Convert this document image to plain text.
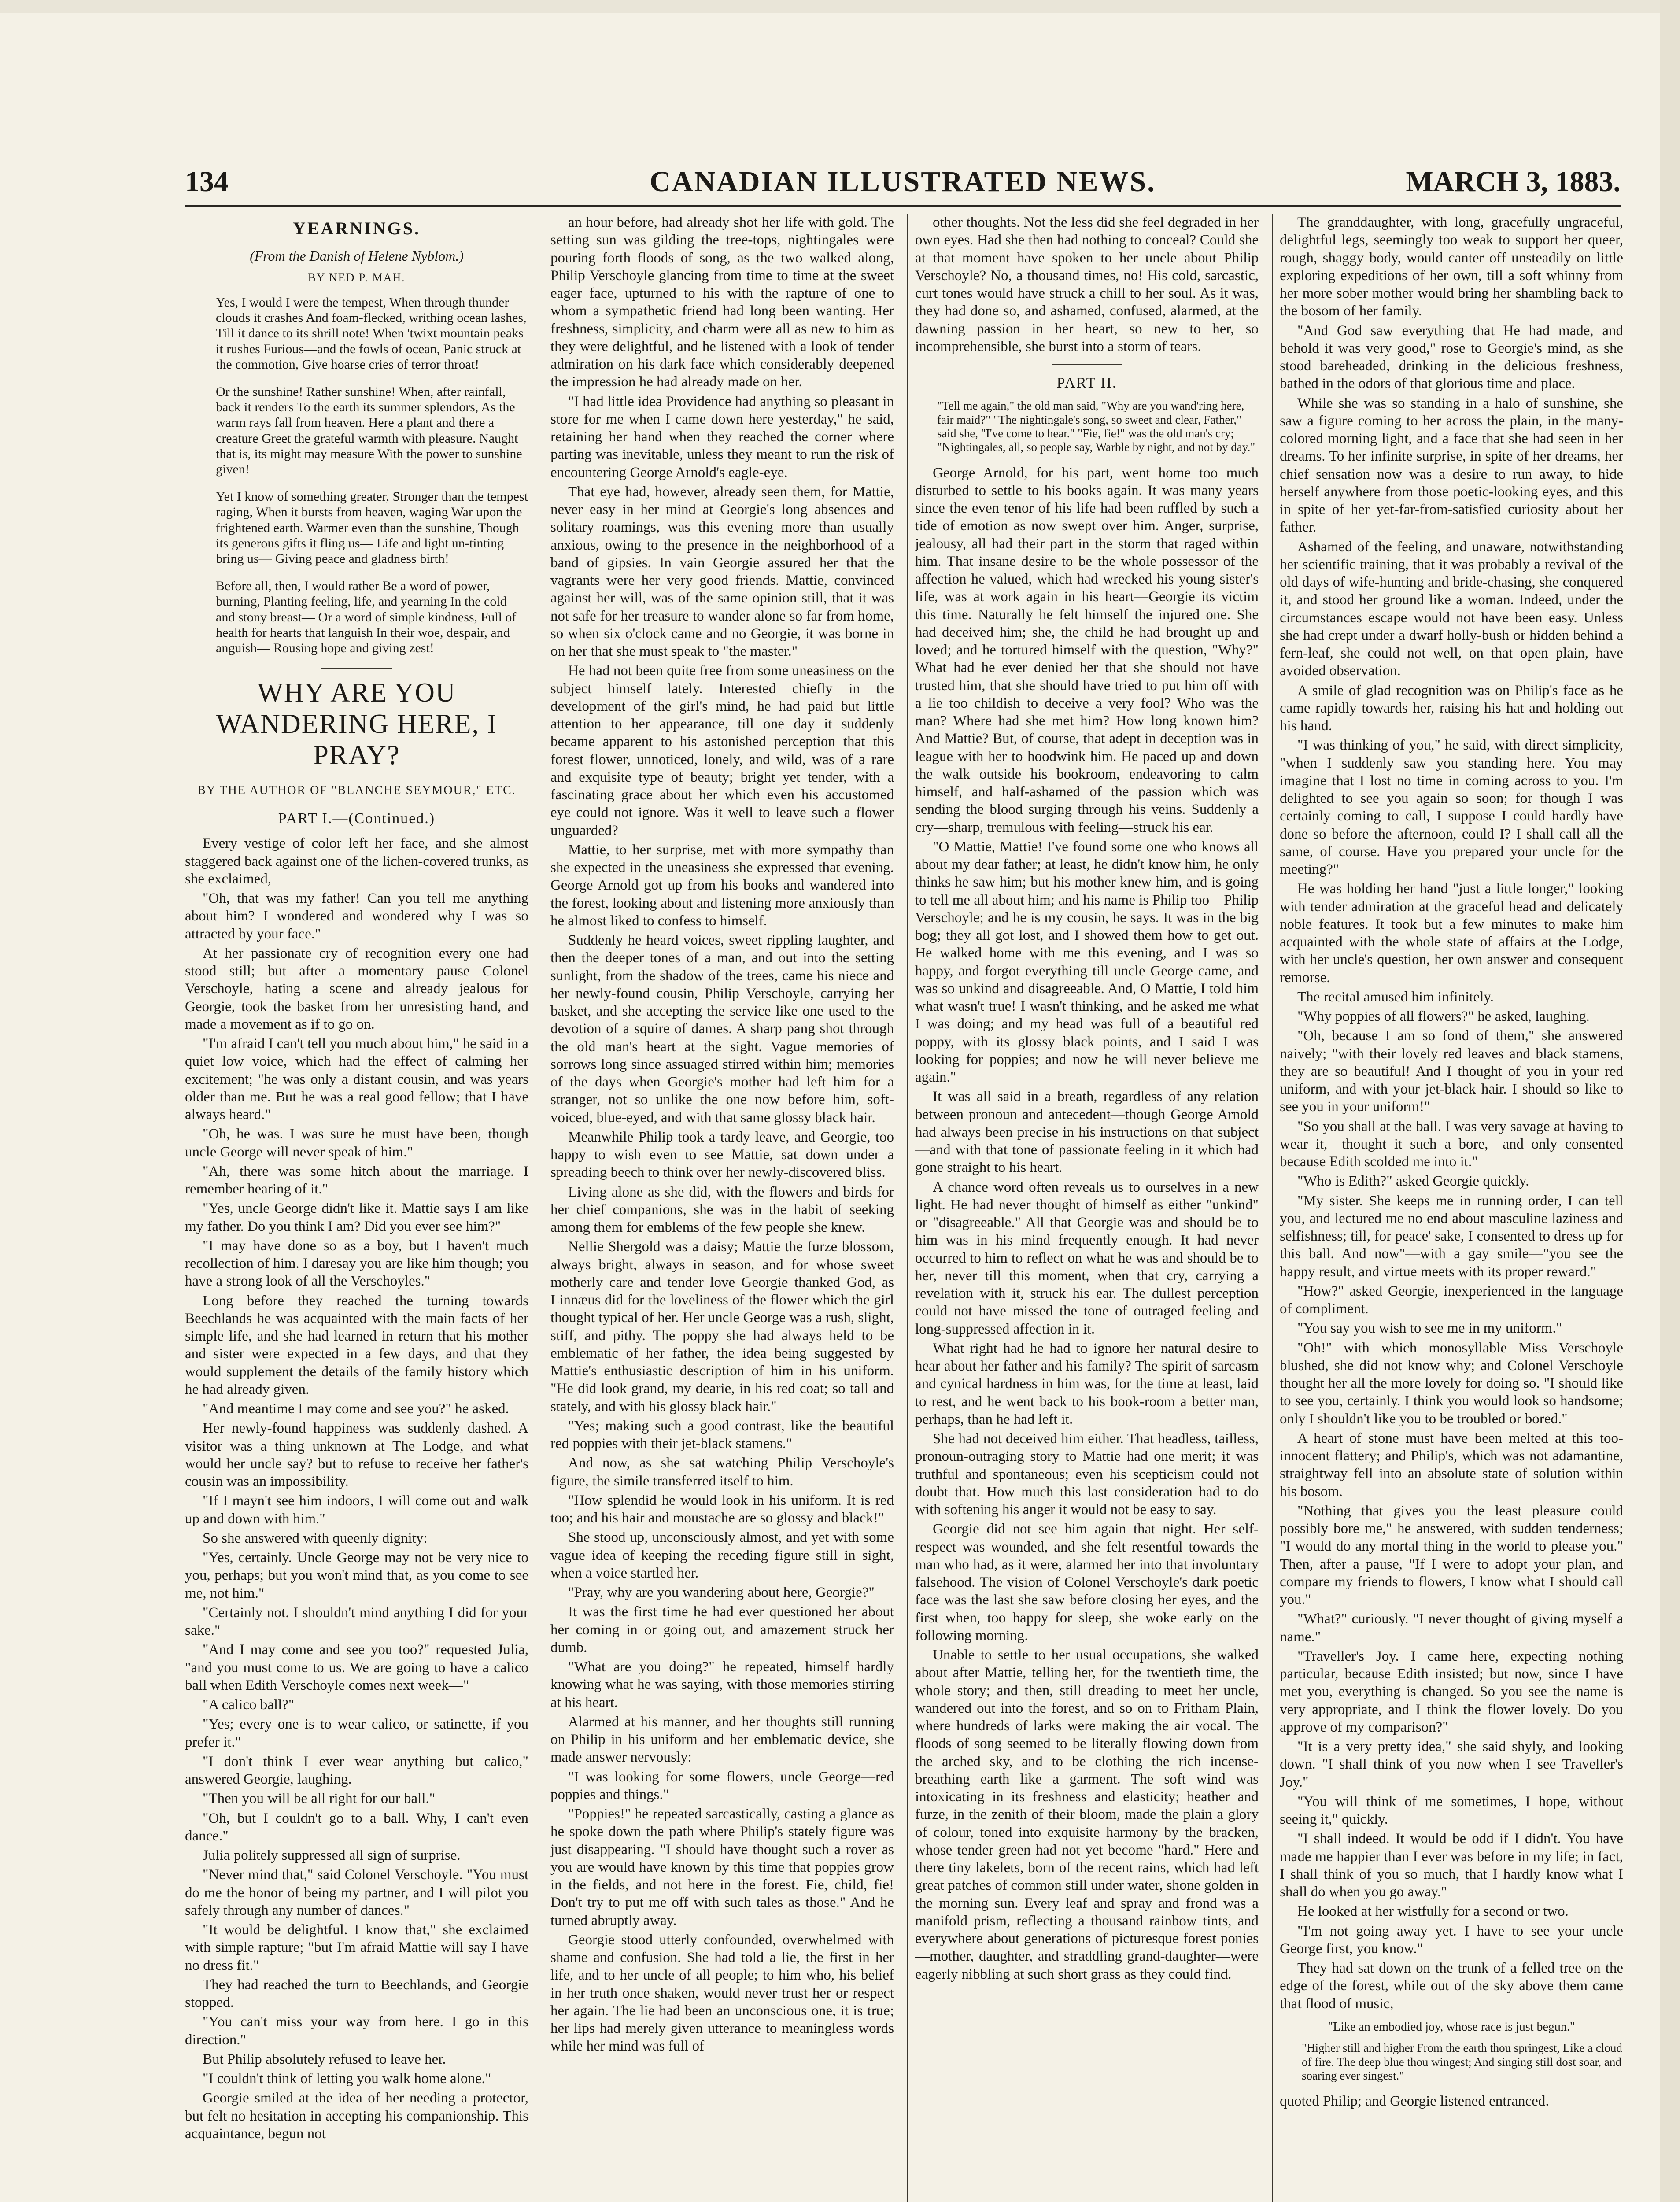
134	CANADIAN ILLUSTRATED NEWS.	MARCH 3, 1883.
YEARNINGS.
(From the Danish of Helene Nyblom.)
BY NED P. MAH.
Yes, I would I were the tempest, When through thunder clouds it crashes And foam-flecked, writhing ocean lashes, Till it dance to its shrill note! When 'twixt mountain peaks it rushes Furious—and the fowls of ocean, Panic struck at the commotion, Give hoarse cries of terror throat!
Or the sunshine! Rather sunshine! When, after rainfall, back it renders To the earth its summer splendors, As the warm rays fall from heaven. Here a plant and there a creature Greet the grateful warmth with pleasure. Naught that is, its might may measure With the power to sunshine given!
Yet I know of something greater, Stronger than the tempest raging, When it bursts from heaven, waging War upon the frightened earth. Warmer even than the sunshine, Though its generous gifts it fling us— Life and light un-tinting bring us— Giving peace and gladness birth!
Before all, then, I would rather Be a word of power, burning, Planting feeling, life, and yearning In the cold and stony breast— Or a word of simple kindness, Full of health for hearts that languish In their woe, despair, and anguish— Rousing hope and giving zest!
WHY ARE YOU WANDERING HERE, I PRAY?
BY THE AUTHOR OF "BLANCHE SEYMOUR," ETC.
PART I.—(Continued.)

Every vestige of color left her face, and she almost staggered back against one of the lichen-covered trunks, as she exclaimed,

"Oh, that was my father! Can you tell me anything about him? I wondered and wondered why I was so attracted by your face."

At her passionate cry of recognition every one had stood still; but after a momentary pause Colonel Verschoyle, hating a scene and already jealous for Georgie, took the basket from her unresisting hand, and made a movement as if to go on.

"I'm afraid I can't tell you much about him," he said in a quiet low voice, which had the effect of calming her excitement; "he was only a distant cousin, and was years older than me. But he was a real good fellow; that I have always heard."

"Oh, he was. I was sure he must have been, though uncle George will never speak of him."

"Ah, there was some hitch about the marriage. I remember hearing of it."

"Yes, uncle George didn't like it. Mattie says I am like my father. Do you think I am? Did you ever see him?"

"I may have done so as a boy, but I haven't much recollection of him. I daresay you are like him though; you have a strong look of all the Verschoyles."

Long before they reached the turning towards Beechlands he was acquainted with the main facts of her simple life, and she had learned in return that his mother and sister were expected in a few days, and that they would supplement the details of the family history which he had already given.

"And meantime I may come and see you?" he asked.

Her newly-found happiness was suddenly dashed. A visitor was a thing unknown at The Lodge, and what would her uncle say? but to refuse to receive her father's cousin was an impossibility.

"If I mayn't see him indoors, I will come out and walk up and down with him."

So she answered with queenly dignity:

"Yes, certainly. Uncle George may not be very nice to you, perhaps; but you won't mind that, as you come to see me, not him."

"Certainly not. I shouldn't mind anything I did for your sake."

"And I may come and see you too?" requested Julia, "and you must come to us. We are going to have a calico ball when Edith Verschoyle comes next week—"

"A calico ball?"

"Yes; every one is to wear calico, or satinette, if you prefer it."

"I don't think I ever wear anything but calico," answered Georgie, laughing.

"Then you will be all right for our ball."

"Oh, but I couldn't go to a ball. Why, I can't even dance."

Julia politely suppressed all sign of surprise.

"Never mind that," said Colonel Verschoyle. "You must do me the honor of being my partner, and I will pilot you safely through any number of dances."

"It would be delightful. I know that," she exclaimed with simple rapture; "but I'm afraid Mattie will say I have no dress fit."

They had reached the turn to Beechlands, and Georgie stopped.

"You can't miss your way from here. I go in this direction."

But Philip absolutely refused to leave her.

"I couldn't think of letting you walk home alone."

Georgie smiled at the idea of her needing a protector, but felt no hesitation in accepting his companionship. This acquaintance, begun not

an hour before, had already shot her life with gold. The setting sun was gilding the tree-tops, nightingales were pouring forth floods of song, as the two walked along, Philip Verschoyle glancing from time to time at the sweet eager face, upturned to his with the rapture of one to whom a sympathetic friend had long been wanting. Her freshness, simplicity, and charm were all as new to him as they were delightful, and he listened with a look of tender admiration on his dark face which considerably deepened the impression he had already made on her.

"I had little idea Providence had anything so pleasant in store for me when I came down here yesterday," he said, retaining her hand when they reached the corner where parting was inevitable, unless they meant to run the risk of encountering George Arnold's eagle-eye.

That eye had, however, already seen them, for Mattie, never easy in her mind at Georgie's long absences and solitary roamings, was this evening more than usually anxious, owing to the presence in the neighborhood of a band of gipsies. In vain Georgie assured her that the vagrants were her very good friends. Mattie, convinced against her will, was of the same opinion still, that it was not safe for her treasure to wander alone so far from home, so when six o'clock came and no Georgie, it was borne in on her that she must speak to "the master."

He had not been quite free from some uneasiness on the subject himself lately. Interested chiefly in the development of the girl's mind, he had paid but little attention to her appearance, till one day it suddenly became apparent to his astonished perception that this forest flower, unnoticed, lonely, and wild, was of a rare and exquisite type of beauty; bright yet tender, with a fascinating grace about her which even his accustomed eye could not ignore. Was it well to leave such a flower unguarded?

Mattie, to her surprise, met with more sympathy than she expected in the uneasiness she expressed that evening. George Arnold got up from his books and wandered into the forest, looking about and listening more anxiously than he almost liked to confess to himself.

Suddenly he heard voices, sweet rippling laughter, and then the deeper tones of a man, and out into the setting sunlight, from the shadow of the trees, came his niece and her newly-found cousin, Philip Verschoyle, carrying her basket, and she accepting the service like one used to the devotion of a squire of dames. A sharp pang shot through the old man's heart at the sight. Vague memories of sorrows long since assuaged stirred within him; memories of the days when Georgie's mother had left him for a stranger, not so unlike the one now before him, soft-voiced, blue-eyed, and with that same glossy black hair.

Meanwhile Philip took a tardy leave, and Georgie, too happy to wish even to see Mattie, sat down under a spreading beech to think over her newly-discovered bliss.

Living alone as she did, with the flowers and birds for her chief companions, she was in the habit of seeking among them for emblems of the few people she knew.

Nellie Shergold was a daisy; Mattie the furze blossom, always bright, always in season, and for whose sweet motherly care and tender love Georgie thanked God, as Linnæus did for the loveliness of the flower which the girl thought typical of her. Her uncle George was a rush, slight, stiff, and pithy. The poppy she had always held to be emblematic of her father, the idea being suggested by Mattie's enthusiastic description of him in his uniform. "He did look grand, my dearie, in his red coat; so tall and stately, and with his glossy black hair."

"Yes; making such a good contrast, like the beautiful red poppies with their jet-black stamens."

And now, as she sat watching Philip Verschoyle's figure, the simile transferred itself to him.

"How splendid he would look in his uniform. It is red too; and his hair and moustache are so glossy and black!"

She stood up, unconsciously almost, and yet with some vague idea of keeping the receding figure still in sight, when a voice startled her.

"Pray, why are you wandering about here, Georgie?"

It was the first time he had ever questioned her about her coming in or going out, and amazement struck her dumb.

"What are you doing?" he repeated, himself hardly knowing what he was saying, with those memories stirring at his heart.

Alarmed at his manner, and her thoughts still running on Philip in his uniform and her emblematic device, she made answer nervously:

"I was looking for some flowers, uncle George—red poppies and things."

"Poppies!" he repeated sarcastically, casting a glance as he spoke down the path where Philip's stately figure was just disappearing. "I should have thought such a rover as you are would have known by this time that poppies grow in the fields, and not here in the forest. Fie, child, fie! Don't try to put me off with such tales as those." And he turned abruptly away.

Georgie stood utterly confounded, overwhelmed with shame and confusion. She had told a lie, the first in her life, and to her uncle of all people; to him who, his belief in her truth once shaken, would never trust her or respect her again. The lie had been an unconscious one, it is true; her lips had merely given utterance to meaningless words while her mind was full of

other thoughts. Not the less did she feel degraded in her own eyes. Had she then had nothing to conceal? Could she at that moment have spoken to her uncle about Philip Verschoyle? No, a thousand times, no! His cold, sarcastic, curt tones would have struck a chill to her soul. As it was, they had done so, and ashamed, confused, alarmed, at the dawning passion in her heart, so new to her, so incomprehensible, she burst into a storm of tears.

PART II.
"Tell me again," the old man said, "Why are you wand'ring here, fair maid?" "The nightingale's song, so sweet and clear, Father," said she, "I've come to hear." "Fie, fie!" was the old man's cry; "Nightingales, all, so people say, Warble by night, and not by day."

George Arnold, for his part, went home too much disturbed to settle to his books again. It was many years since the even tenor of his life had been ruffled by such a tide of emotion as now swept over him. Anger, surprise, jealousy, all had their part in the storm that raged within him. That insane desire to be the whole possessor of the affection he valued, which had wrecked his young sister's life, was at work again in his heart—Georgie its victim this time. Naturally he felt himself the injured one. She had deceived him; she, the child he had brought up and loved; and he tortured himself with the question, "Why?" What had he ever denied her that she should not have trusted him, that she should have tried to put him off with a lie too childish to deceive a very fool? Who was the man? Where had she met him? How long known him? And Mattie? But, of course, that adept in deception was in league with her to hoodwink him. He paced up and down the walk outside his bookroom, endeavoring to calm himself, and half-ashamed of the passion which was sending the blood surging through his veins. Suddenly a cry—sharp, tremulous with feeling—struck his ear.

"O Mattie, Mattie! I've found some one who knows all about my dear father; at least, he didn't know him, he only thinks he saw him; but his mother knew him, and is going to tell me all about him; and his name is Philip too—Philip Verschoyle; and he is my cousin, he says. It was in the big bog; they all got lost, and I showed them how to get out. He walked home with me this evening, and I was so happy, and forgot everything till uncle George came, and was so unkind and disagreeable. And, O Mattie, I told him what wasn't true! I wasn't thinking, and he asked me what I was doing; and my head was full of a beautiful red poppy, with its glossy black points, and I said I was looking for poppies; and now he will never believe me again."

It was all said in a breath, regardless of any relation between pronoun and antecedent—though George Arnold had always been precise in his instructions on that subject—and with that tone of passionate feeling in it which had gone straight to his heart.

A chance word often reveals us to ourselves in a new light. He had never thought of himself as either "unkind" or "disagreeable." All that Georgie was and should be to him was in his mind frequently enough. It had never occurred to him to reflect on what he was and should be to her, never till this moment, when that cry, carrying a revelation with it, struck his ear. The dullest perception could not have missed the tone of outraged feeling and long-suppressed affection in it.

What right had he had to ignore her natural desire to hear about her father and his family? The spirit of sarcasm and cynical hardness in him was, for the time at least, laid to rest, and he went back to his book-room a better man, perhaps, than he had left it.

She had not deceived him either. That headless, tailless, pronoun-outraging story to Mattie had one merit; it was truthful and spontaneous; even his scepticism could not doubt that. How much this last consideration had to do with softening his anger it would not be easy to say.

Georgie did not see him again that night. Her self-respect was wounded, and she felt resentful towards the man who had, as it were, alarmed her into that involuntary falsehood. The vision of Colonel Verschoyle's dark poetic face was the last she saw before closing her eyes, and the first when, too happy for sleep, she woke early on the following morning.

Unable to settle to her usual occupations, she walked about after Mattie, telling her, for the twentieth time, the whole story; and then, still dreading to meet her uncle, wandered out into the forest, and so on to Fritham Plain, where hundreds of larks were making the air vocal. The floods of song seemed to be literally flowing down from the arched sky, and to be clothing the rich incense-breathing earth like a garment. The soft wind was intoxicating in its freshness and elasticity; heather and furze, in the zenith of their bloom, made the plain a glory of colour, toned into exquisite harmony by the bracken, whose tender green had not yet become "hard." Here and there tiny lakelets, born of the recent rains, which had left great patches of common still under water, shone golden in the morning sun. Every leaf and spray and frond was a manifold prism, reflecting a thousand rainbow tints, and everywhere about generations of picturesque forest ponies—mother, daughter, and straddling grand-daughter—were eagerly nibbling at such short grass as they could find.

The granddaughter, with long, gracefully ungraceful, delightful legs, seemingly too weak to support her queer, rough, shaggy body, would canter off unsteadily on little exploring expeditions of her own, till a soft whinny from her more sober mother would bring her shambling back to the bosom of her family.

"And God saw everything that He had made, and behold it was very good," rose to Georgie's mind, as she stood bareheaded, drinking in the delicious freshness, bathed in the odors of that glorious time and place.

While she was so standing in a halo of sunshine, she saw a figure coming to her across the plain, in the many-colored morning light, and a face that she had seen in her dreams. To her infinite surprise, in spite of her dreams, her chief sensation now was a desire to run away, to hide herself anywhere from those poetic-looking eyes, and this in spite of her yet-far-from-satisfied curiosity about her father.

Ashamed of the feeling, and unaware, notwithstanding her scientific training, that it was probably a revival of the old days of wife-hunting and bride-chasing, she conquered it, and stood her ground like a woman. Indeed, under the circumstances escape would not have been easy. Unless she had crept under a dwarf holly-bush or hidden behind a fern-leaf, she could not well, on that open plain, have avoided observation.

A smile of glad recognition was on Philip's face as he came rapidly towards her, raising his hat and holding out his hand.

"I was thinking of you," he said, with direct simplicity, "when I suddenly saw you standing here. You may imagine that I lost no time in coming across to you. I'm delighted to see you again so soon; for though I was certainly coming to call, I suppose I could hardly have done so before the afternoon, could I? I shall call all the same, of course. Have you prepared your uncle for the meeting?"

He was holding her hand "just a little longer," looking with tender admiration at the graceful head and delicately noble features. It took but a few minutes to make him acquainted with the whole state of affairs at the Lodge, with her uncle's question, her own answer and consequent remorse.

The recital amused him infinitely.

"Why poppies of all flowers?" he asked, laughing.

"Oh, because I am so fond of them," she answered naively; "with their lovely red leaves and black stamens, they are so beautiful! And I thought of you in your red uniform, and with your jet-black hair. I should so like to see you in your uniform!"

"So you shall at the ball. I was very savage at having to wear it,—thought it such a bore,—and only consented because Edith scolded me into it."

"Who is Edith?" asked Georgie quickly.

"My sister. She keeps me in running order, I can tell you, and lectured me no end about masculine laziness and selfishness; till, for peace' sake, I consented to dress up for this ball. And now"—with a gay smile—"you see the happy result, and virtue meets with its proper reward."

"How?" asked Georgie, inexperienced in the language of compliment.

"You say you wish to see me in my uniform."

"Oh!" with which monosyllable Miss Verschoyle blushed, she did not know why; and Colonel Verschoyle thought her all the more lovely for doing so. "I should like to see you, certainly. I think you would look so handsome; only I shouldn't like you to be troubled or bored."

A heart of stone must have been melted at this too-innocent flattery; and Philip's, which was not adamantine, straightway fell into an absolute state of solution within his bosom.

"Nothing that gives you the least pleasure could possibly bore me," he answered, with sudden tenderness; "I would do any mortal thing in the world to please you." Then, after a pause, "If I were to adopt your plan, and compare my friends to flowers, I know what I should call you."

"What?" curiously. "I never thought of giving myself a name."

"Traveller's Joy. I came here, expecting nothing particular, because Edith insisted; but now, since I have met you, everything is changed. So you see the name is very appropriate, and I think the flower lovely. Do you approve of my comparison?"

"It is a very pretty idea," she said shyly, and looking down. "I shall think of you now when I see Traveller's Joy."

"You will think of me sometimes, I hope, without seeing it," quickly.

"I shall indeed. It would be odd if I didn't. You have made me happier than I ever was before in my life; in fact, I shall think of you so much, that I hardly know what I shall do when you go away."

He looked at her wistfully for a second or two.

"I'm not going away yet. I have to see your uncle George first, you know."

They had sat down on the trunk of a felled tree on the edge of the forest, while out of the sky above them came that flood of music,

"Like an embodied joy, whose race is just begun."
"Higher still and higher From the earth thou springest, Like a cloud of fire. The deep blue thou wingest; And singing still dost soar, and soaring ever singest."

quoted Philip; and Georgie listened entranced.
